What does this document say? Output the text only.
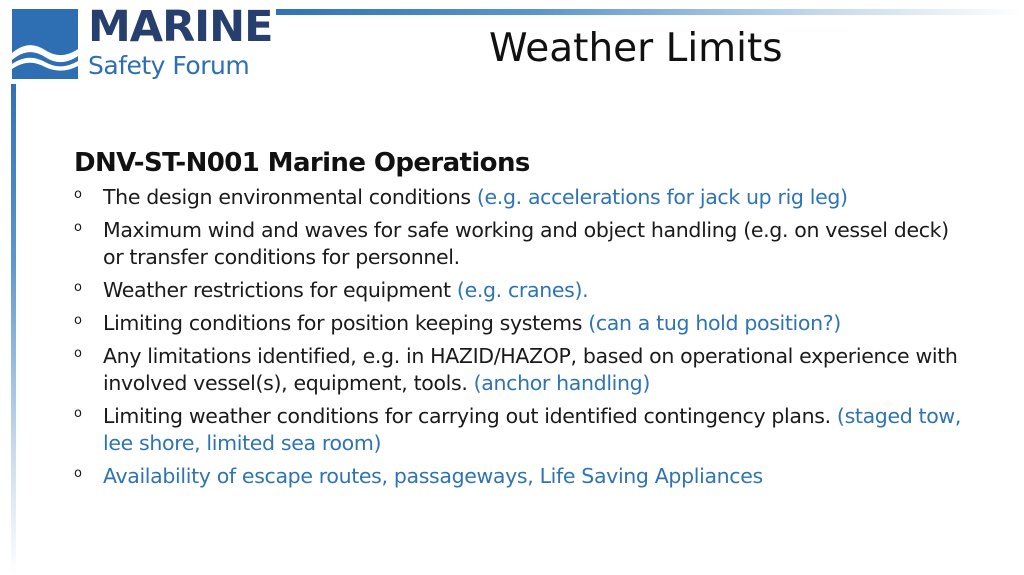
MARINE
Safety Forum	Weather Limits
DNV-ST-N001 Marine Operations
o The design environmental conditions (e.g. accelerations for jack up rig leg)
o Maximum wind and waves for safe working and object handling (e.g. on vessel deck) or transfer conditions for personnel.
o Weather restrictions for equipment (e.g. cranes).
o Limiting conditions for position keeping systems (can a tug hold position?)
o Any limitations identified, e.g. in HAZID/HAZOP, based on operational experience with involved vessel(s), equipment, tools. (anchor handling)
o Limiting weather conditions for carrying out identified contingency plans. (staged tow, lee shore, limited sea room)
o Availability of escape routes, passageways, Life Saving Appliances
